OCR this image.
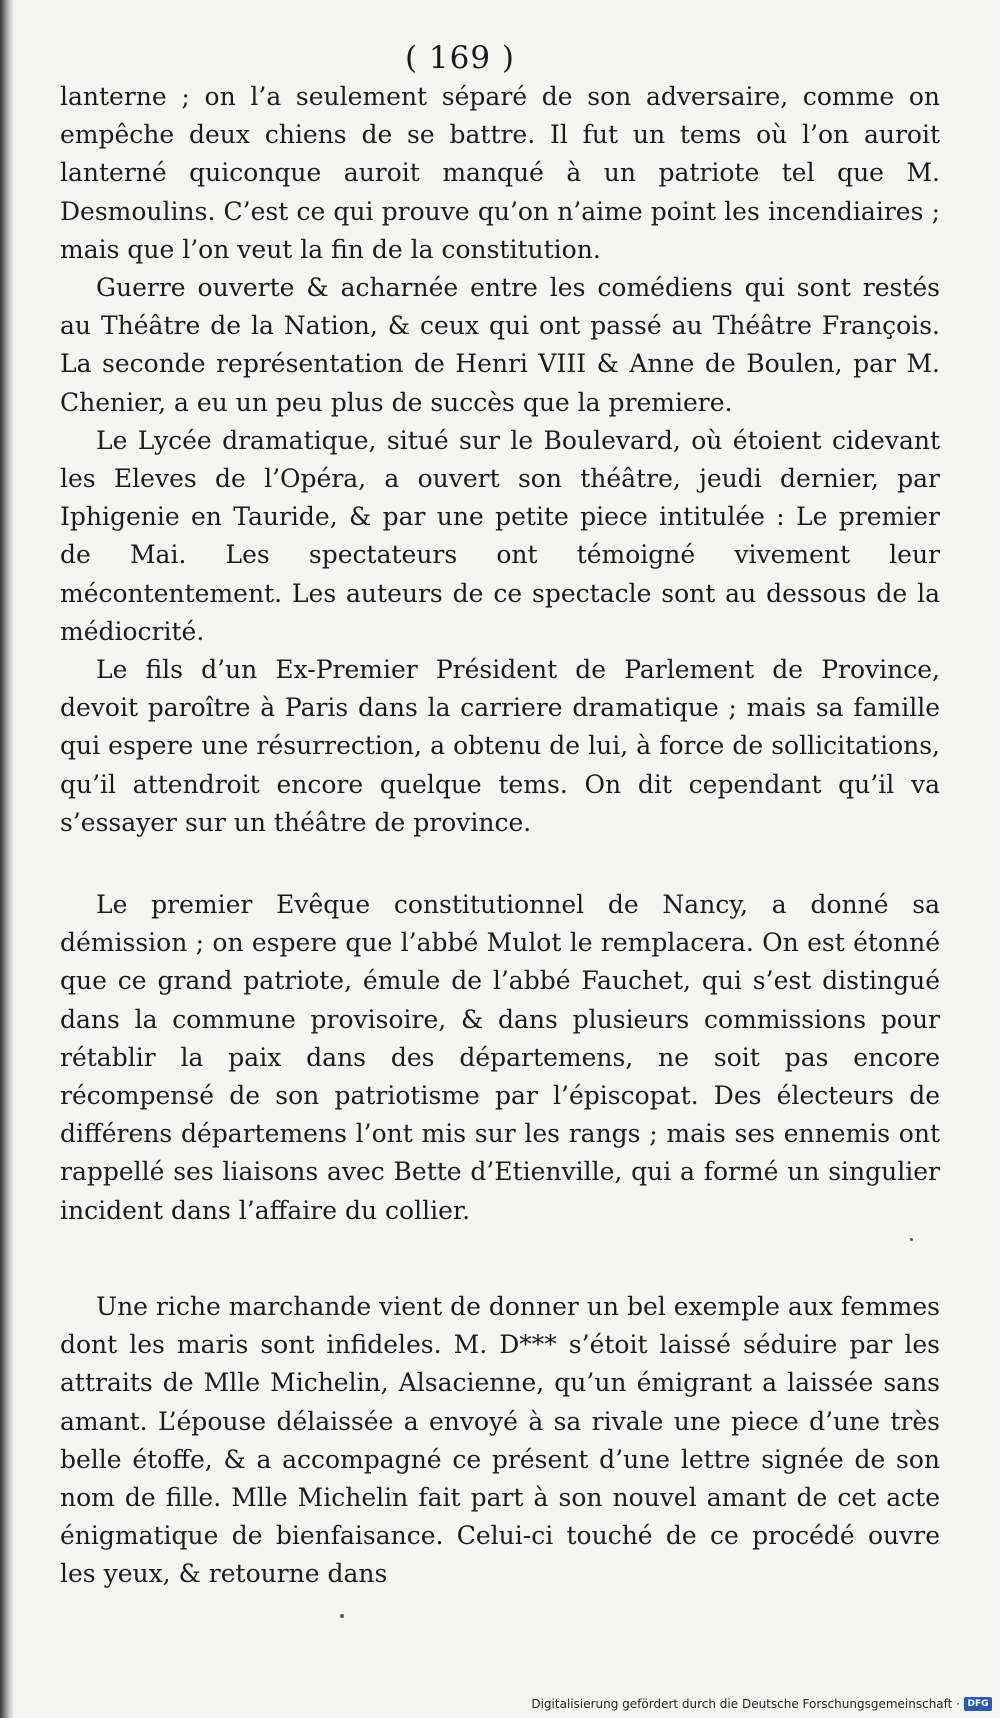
( 169 )

lanterne ; on l’a seulement séparé de son adversaire, comme on empêche deux chiens de se battre. Il fut un tems où l’on auroit lanterné quiconque auroit manqué à un patriote tel que M. Desmoulins. C’est ce qui prouve qu’on n’aime point les incendiaires ; mais que l’on veut la fin de la constitution.

Guerre ouverte & acharnée entre les comédiens qui sont restés au Théâtre de la Nation, & ceux qui ont passé au Théâtre François. La seconde représentation de Henri VIII & Anne de Boulen, par M. Chenier, a eu un peu plus de succès que la premiere.

Le Lycée dramatique, situé sur le Boulevard, où étoient cidevant les Eleves de l’Opéra, a ouvert son théâtre, jeudi dernier, par Iphigenie en Tauride, & par une petite piece intitulée : Le premier de Mai. Les spectateurs ont témoigné vivement leur mécontentement. Les auteurs de ce spectacle sont au dessous de la médiocrité.

Le fils d’un Ex-Premier Président de Parlement de Province, devoit paroître à Paris dans la carriere dramatique ; mais sa famille qui espere une résurrection, a obtenu de lui, à force de sollicitations, qu’il attendroit encore quelque tems. On dit cependant qu’il va s’essayer sur un théâtre de province.

Le premier Evêque constitutionnel de Nancy, a donné sa démission ; on espere que l’abbé Mulot le remplacera. On est étonné que ce grand patriote, émule de l’abbé Fauchet, qui s’est distingué dans la commune provisoire, & dans plusieurs commissions pour rétablir la paix dans des départemens, ne soit pas encore récompensé de son patriotisme par l’épiscopat. Des électeurs de différens départemens l’ont mis sur les rangs ; mais ses ennemis ont rappellé ses liaisons avec Bette d’Etienville, qui a formé un singulier incident dans l’affaire du collier.

Une riche marchande vient de donner un bel exemple aux femmes dont les maris sont infideles. M. D*** s’étoit laissé séduire par les attraits de Mlle Michelin, Alsacienne, qu’un émigrant a laissée sans amant. L’épouse délaissée a envoyé à sa rivale une piece d’une très belle étoffe, & a accompagné ce présent d’une lettre signée de son nom de fille. Mlle Michelin fait part à son nouvel amant de cet acte énigmatique de bienfaisance. Celui-ci touché de ce procédé ouvre les yeux, & retourne dans

Digitalisierung gefördert durch die Deutsche Forschungsgemeinschaft · DFG
